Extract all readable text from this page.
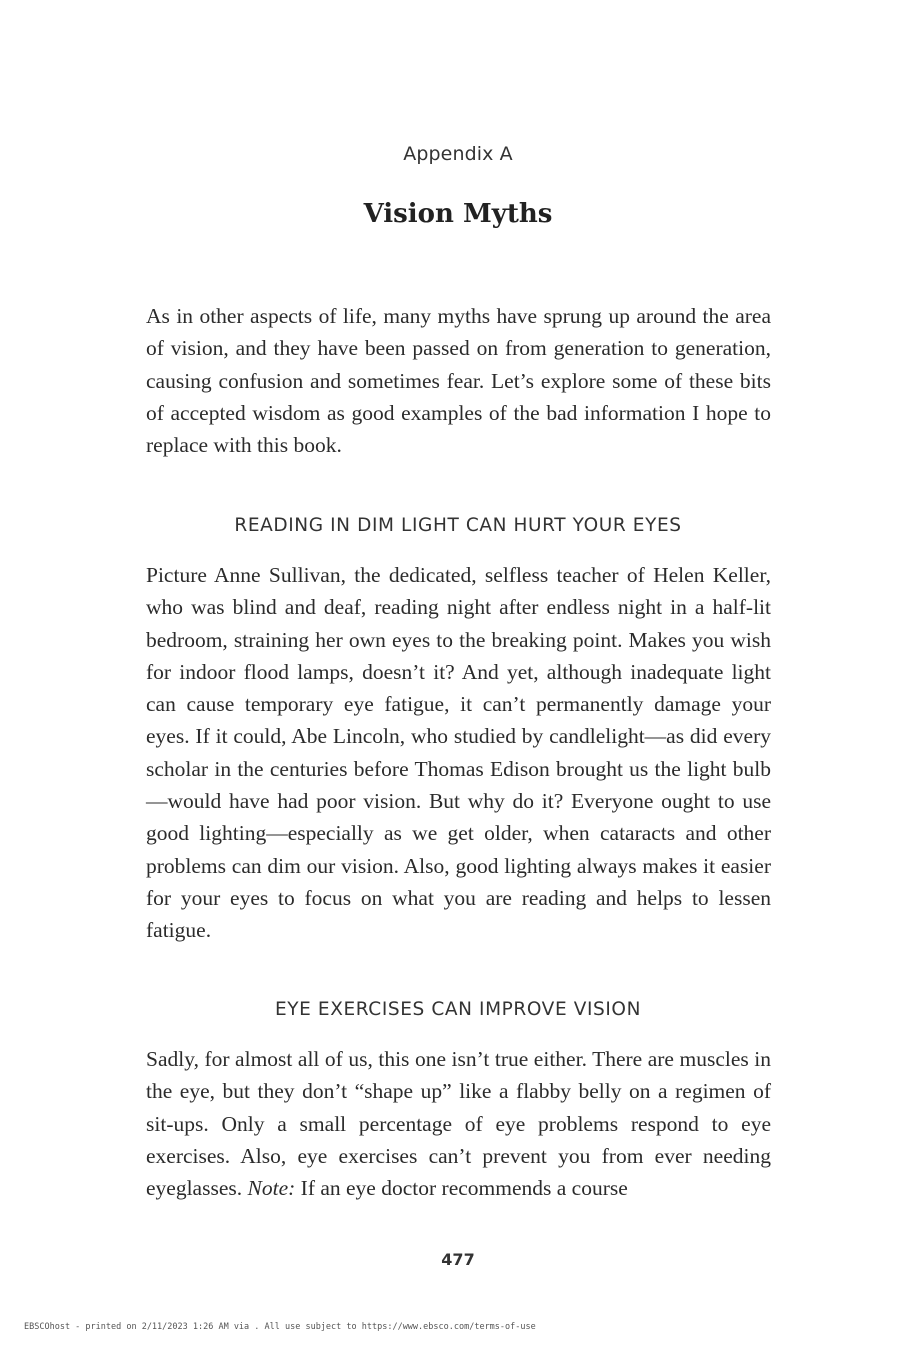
Appendix A
Vision Myths

As in other aspects of life, many myths have sprung up around the area of vision, and they have been passed on from generation to generation, causing confusion and sometimes fear. Let’s explore some of these bits of accepted wisdom as good examples of the bad information I hope to replace with this book.

READING IN DIM LIGHT CAN HURT YOUR EYES

Picture Anne Sullivan, the dedicated, selfless teacher of Helen Keller, who was blind and deaf, reading night after endless night in a half-lit bedroom, straining her own eyes to the breaking point. Makes you wish for indoor flood lamps, doesn’t it? And yet, although inadequate light can cause temporary eye fatigue, it can’t permanently damage your eyes. If it could, Abe Lincoln, who studied by candlelight—as did every scholar in the centuries before Thomas Edison brought us the light bulb—would have had poor vision. But why do it? Everyone ought to use good lighting—especially as we get older, when cataracts and other problems can dim our vision. Also, good lighting always makes it easier for your eyes to focus on what you are reading and helps to lessen fatigue.

EYE EXERCISES CAN IMPROVE VISION

Sadly, for almost all of us, this one isn’t true either. There are muscles in the eye, but they don’t “shape up” like a flabby belly on a regimen of sit-ups. Only a small percentage of eye problems respond to eye exercises. Also, eye exercises can’t prevent you from ever needing eyeglasses. Note: If an eye doctor recommends a course

477
EBSCOhost - printed on 2/11/2023 1:26 AM via . All use subject to https://www.ebsco.com/terms-of-use
